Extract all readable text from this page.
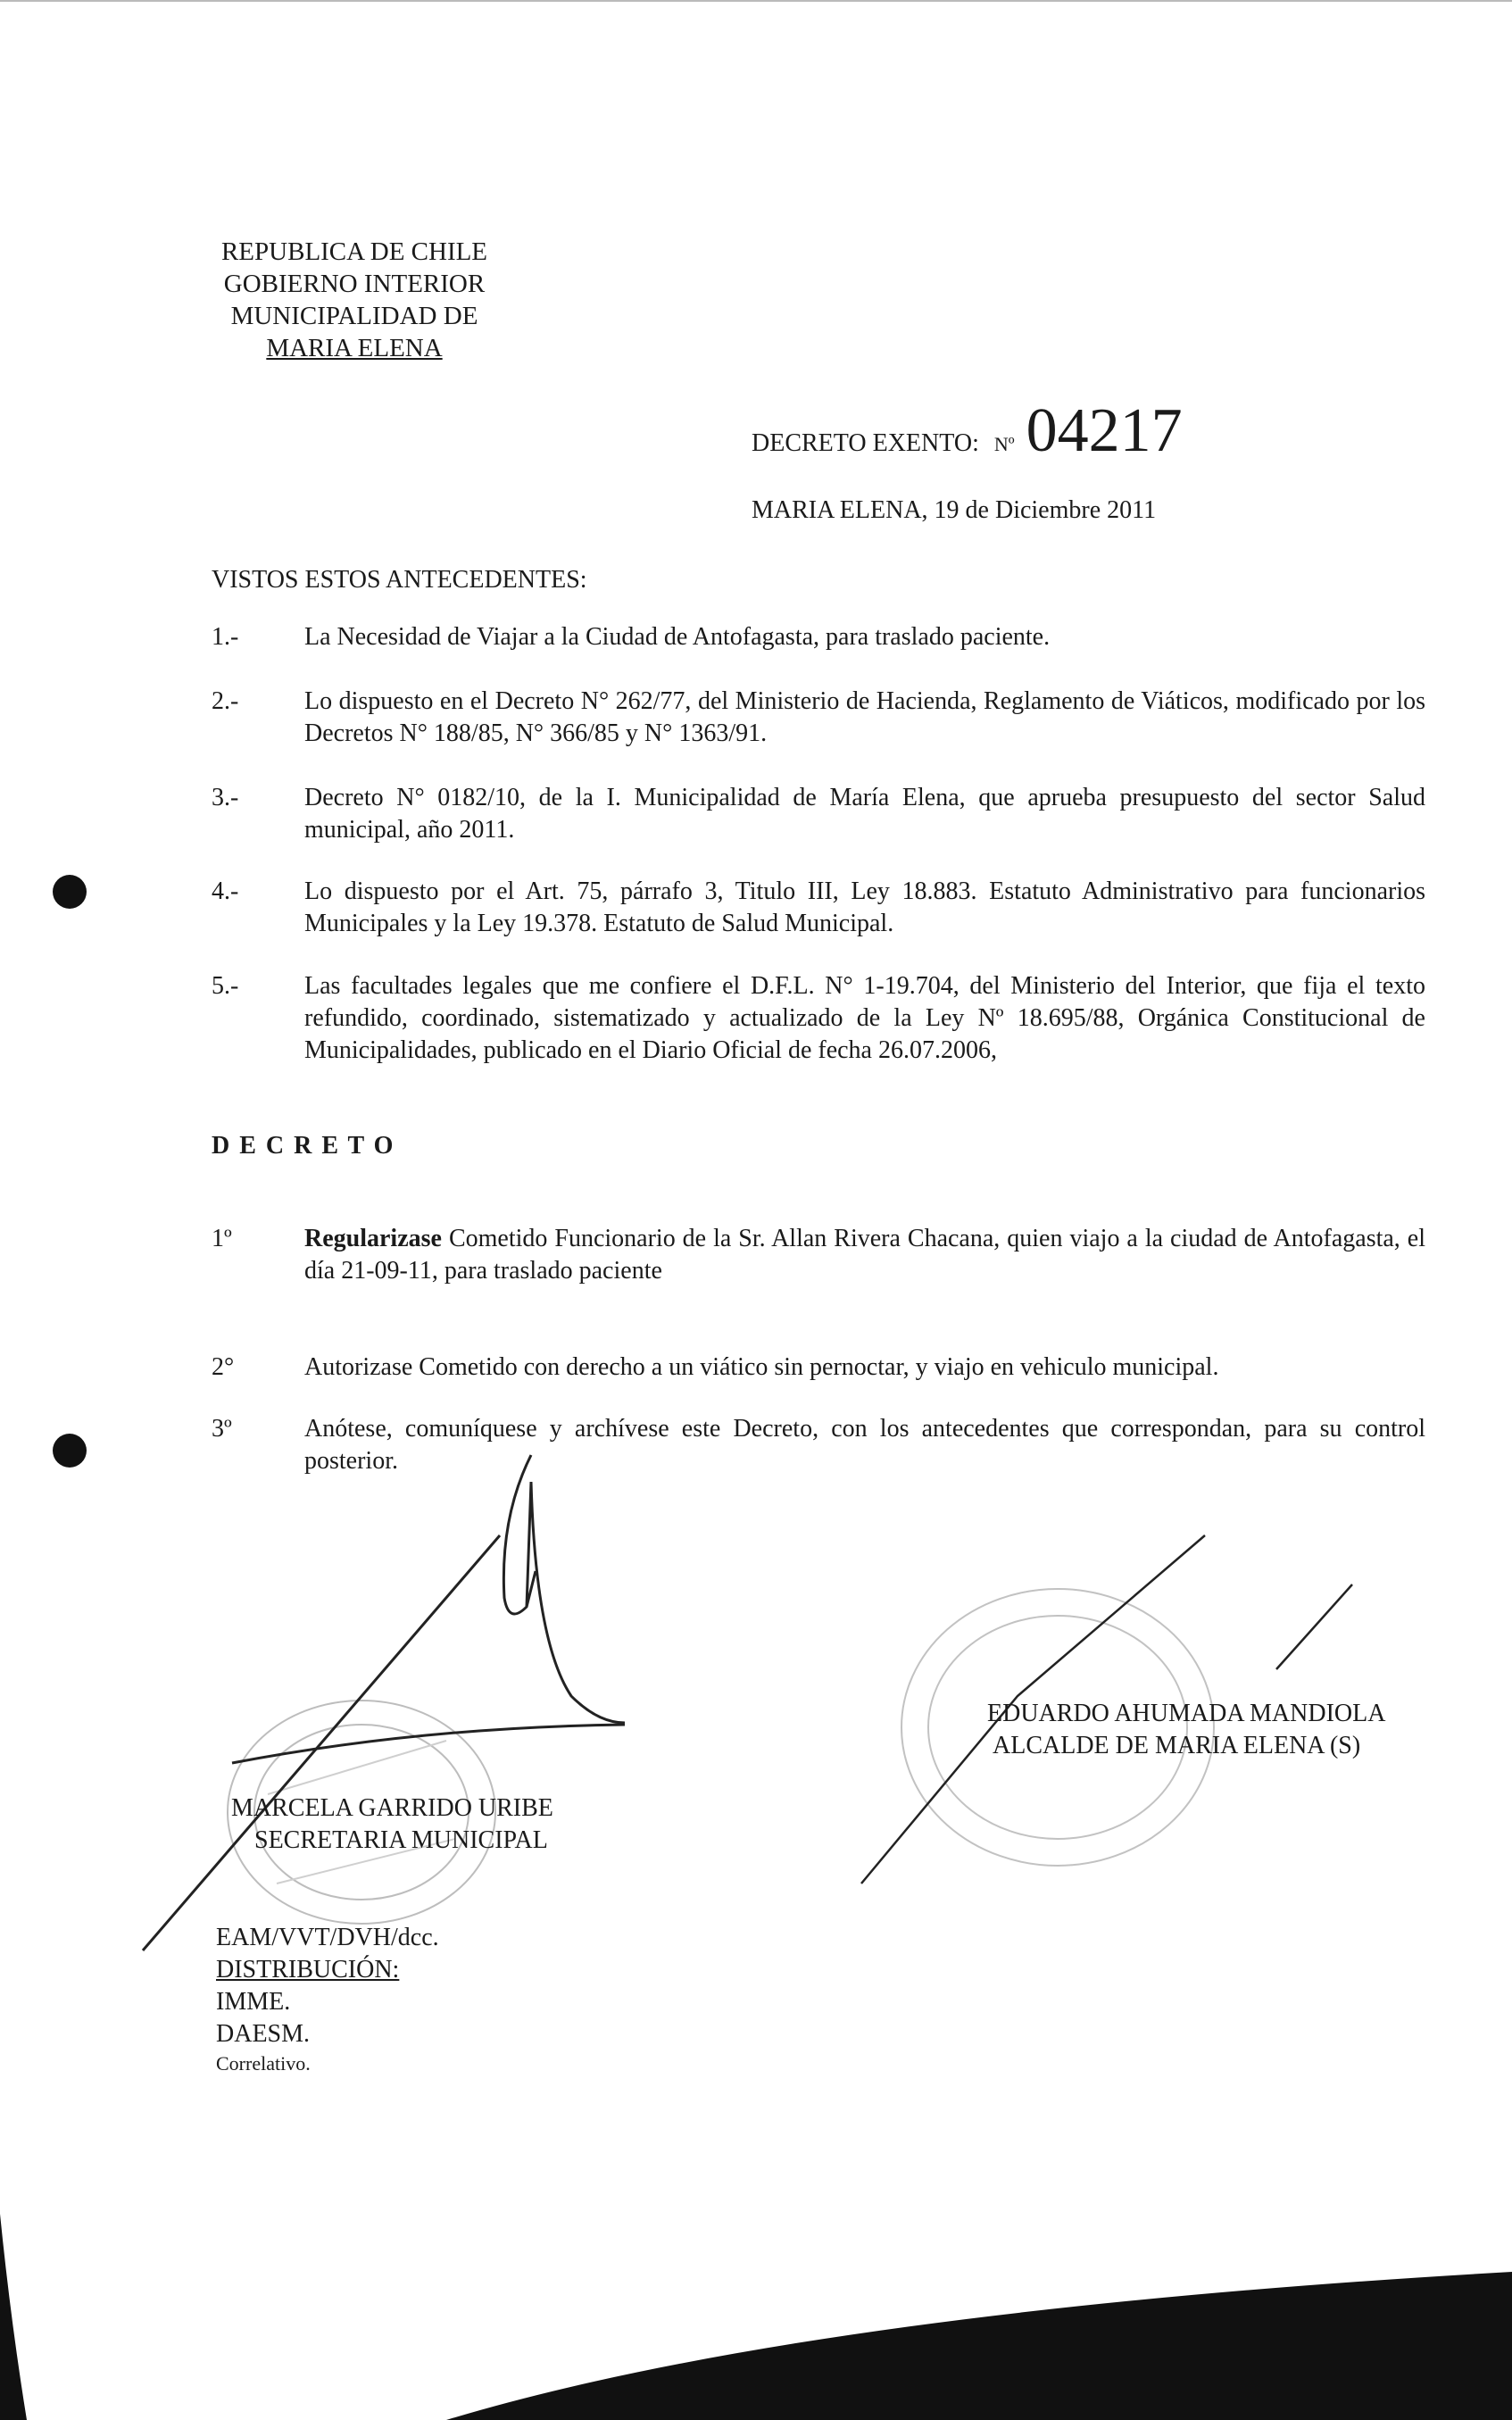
REPUBLICA DE CHILE
GOBIERNO INTERIOR
MUNICIPALIDAD DE
MARIA ELENA
DECRETO EXENTO: Nº 04217
MARIA ELENA, 19 de Diciembre 2011
VISTOS ESTOS ANTECEDENTES:
1.-	La Necesidad de Viajar a la Ciudad de Antofagasta, para traslado paciente.
2.-	Lo dispuesto en el Decreto N° 262/77, del Ministerio de Hacienda, Reglamento de Viáticos, modificado por los Decretos N° 188/85, N° 366/85 y N° 1363/91.
3.-	Decreto N° 0182/10, de la I. Municipalidad de María Elena, que aprueba presupuesto del sector Salud municipal, año 2011.
4.-	Lo dispuesto por el Art. 75, párrafo 3, Titulo III, Ley 18.883. Estatuto Administrativo para funcionarios Municipales y la Ley 19.378. Estatuto de Salud Municipal.
5.-	Las facultades legales que me confiere el D.F.L. N° 1-19.704, del Ministerio del Interior, que fija el texto refundido, coordinado, sistematizado y actualizado de la Ley Nº 18.695/88, Orgánica Constitucional de Municipalidades, publicado en el Diario Oficial de fecha 26.07.2006,
D E C R E T O
1º	Regularizase Cometido Funcionario de la Sr. Allan Rivera Chacana, quien viajo a la ciudad de Antofagasta, el día 21-09-11, para traslado paciente
2°	Autorizase Cometido con derecho a un viático sin pernoctar, y viajo en vehiculo municipal.
3º	Anótese, comuníquese y archívese este Decreto, con los antecedentes que correspondan, para su control posterior.
MARCELA GARRIDO URIBE
SECRETARIA MUNICIPAL
EDUARDO AHUMADA MANDIOLA
ALCALDE DE MARIA ELENA (S)
EAM/VVT/DVH/dcc.
DISTRIBUCIÓN:
IMME.
DAESM.
Correlativo.
